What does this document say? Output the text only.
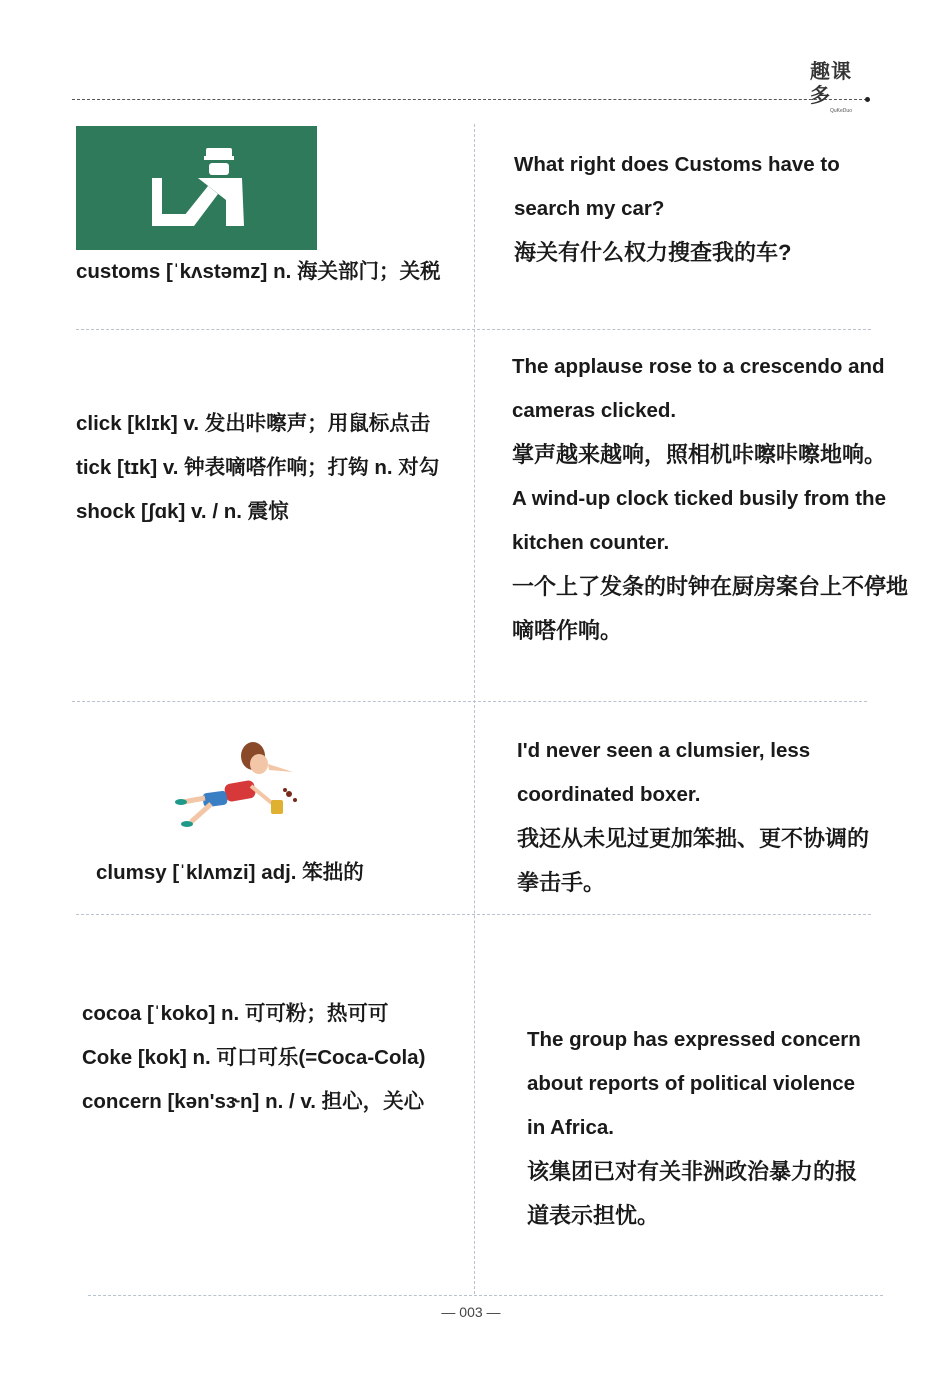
趣课多
QuKeDuo

customs [ˈkʌstəmz] n. 海关部门；关税

What right does Customs have to search my car?

海关有什么权力搜查我的车?

click [klɪk] v. 发出咔嚓声；用鼠标点击

tick [tɪk] v. 钟表嘀嗒作响；打钩 n. 对勾

shock [ʃɑk] v. / n. 震惊

The applause rose to a crescendo and cameras clicked.

掌声越来越响，照相机咔嚓咔嚓地响。

A wind-up clock ticked busily from the kitchen counter.

一个上了发条的时钟在厨房案台上不停地嘀嗒作响。

clumsy [ˈklʌmzi] adj. 笨拙的

I'd never seen a clumsier, less coordinated boxer.

我还从未见过更加笨拙、更不协调的拳击手。

cocoa [ˈkoko] n. 可可粉；热可可

Coke [kok] n. 可口可乐(=Coca-Cola)

concern [kən'sɝn] n. / v. 担心，关心

The group has expressed concern about reports of political violence in Africa.

该集团已对有关非洲政治暴力的报道表示担忧。

— 003 —
